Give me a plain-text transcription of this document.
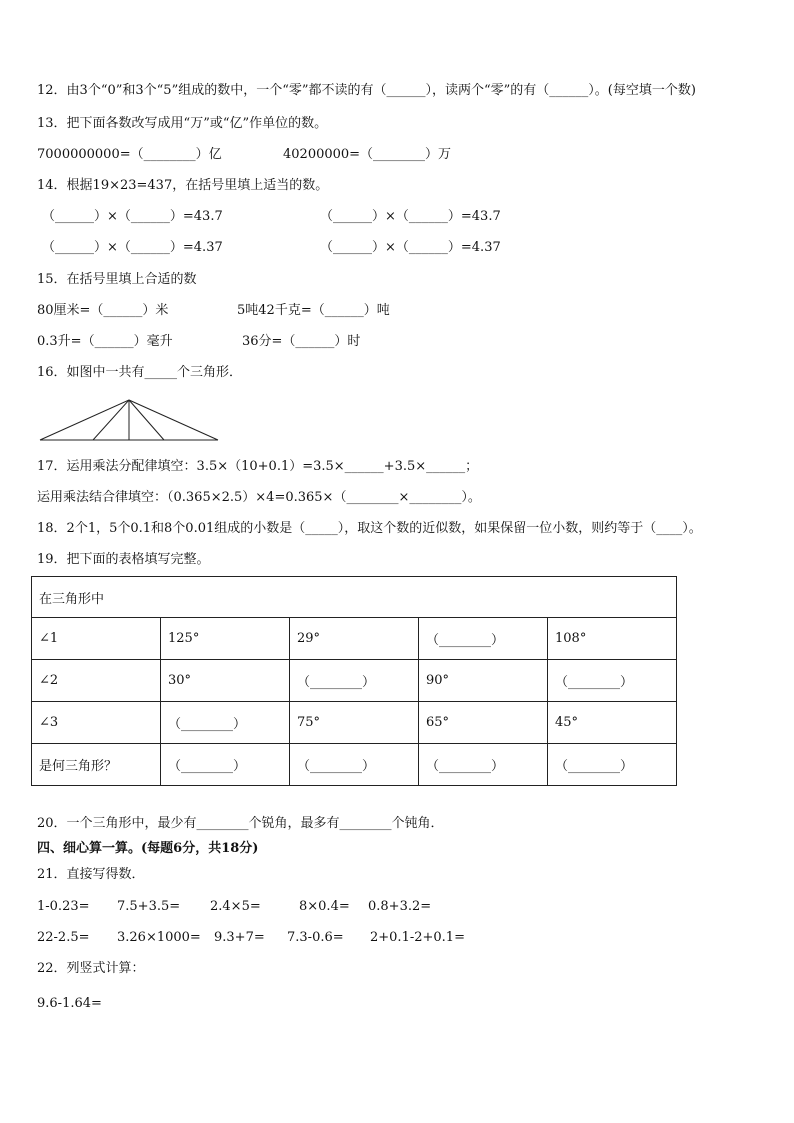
12．由3个“0”和3个“5”组成的数中，一个“零”都不读的有（______），读两个“零”的有（______）。(每空填一个数)
13．把下面各数改写成用“万”或“亿”作单位的数。
7000000000=（________）亿	40200000=（________）万
14．根据19×23=437，在括号里填上适当的数。
（______）×（______）=43.7	（______）×（______）=43.7
（______）×（______）=4.37	（______）×（______）=4.37
15．在括号里填上合适的数
80厘米=（______）米	5吨42千克=（______）吨
0.3升=（______）毫升	36分=（______）时
16．如图中一共有_____个三角形．
17．运用乘法分配律填空：3.5×（10+0.1）=3.5×______+3.5×______；
运用乘法结合律填空：（0.365×2.5）×4=0.365×（________×________）。
18．2个1，5个0.1和8个0.01组成的小数是（_____），取这个数的近似数，如果保留一位小数，则约等于（____）。
19．把下面的表格填写完整。
在三角形中				
∠1	125°	29°	（________）	108°
∠2	30°	（________）	90°	（________）
∠3	（________）	75°	65°	45°
是何三角形？	（________）	（________）	（________）	（________）
20．一个三角形中，最少有________个锐角，最多有________个钝角．
四、细心算一算。(每题6分，共18分)
21．直接写得数．
1-0.23= 7.5+3.5= 2.4×5=	8×0.4= 0.8+3.2=
22-2.5= 3.26×1000= 9.3+7= 7.3-0.6= 2+0.1-2+0.1=
22．列竖式计算：
9.6-1.64=
